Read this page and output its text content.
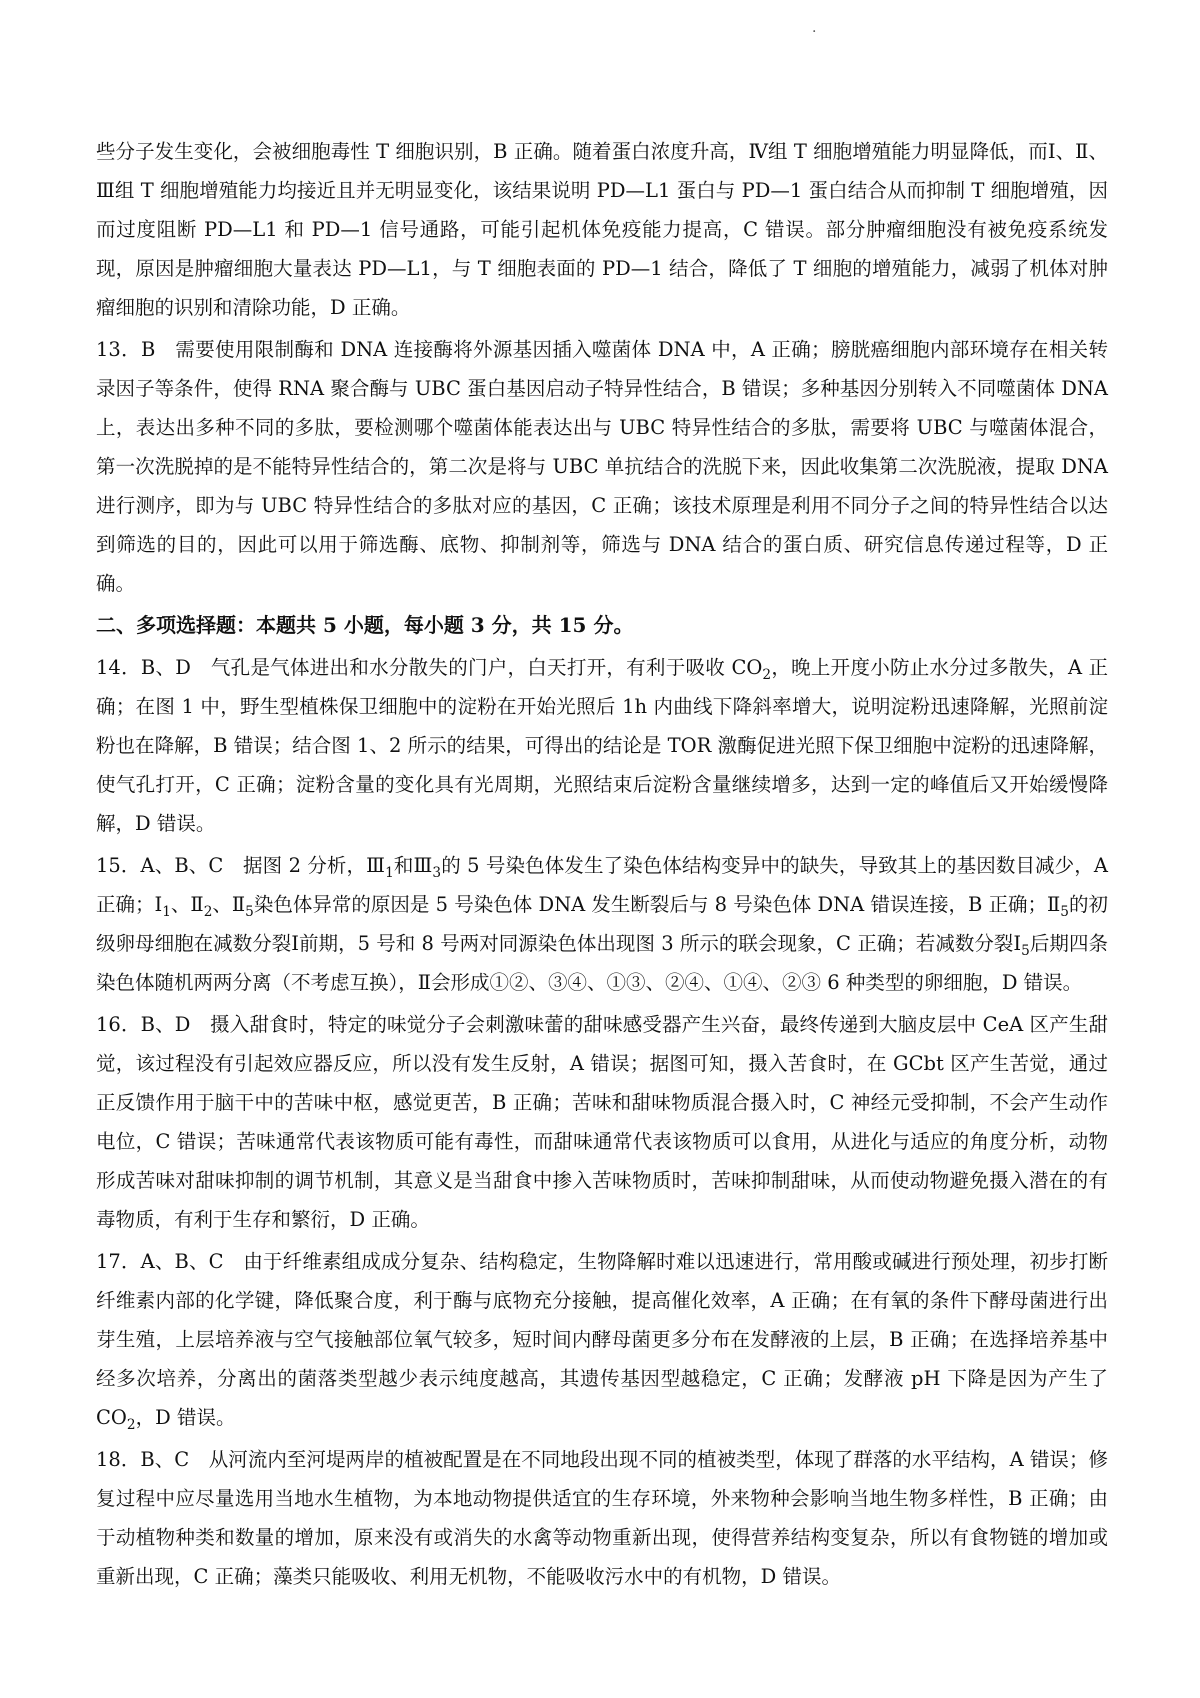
·

些分子发生变化，会被细胞毒性 T 细胞识别，B 正确。随着蛋白浓度升高，Ⅳ组 T 细胞增殖能力明显降低，而Ⅰ、Ⅱ、Ⅲ组 T 细胞增殖能力均接近且并无明显变化，该结果说明 PD—L1 蛋白与 PD—1 蛋白结合从而抑制 T 细胞增殖，因而过度阻断 PD—L1 和 PD—1 信号通路，可能引起机体免疫能力提高，C 错误。部分肿瘤细胞没有被免疫系统发现，原因是肿瘤细胞大量表达 PD—L1，与 T 细胞表面的 PD—1 结合，降低了 T 细胞的增殖能力，减弱了机体对肿瘤细胞的识别和清除功能，D 正确。

13．B　需要使用限制酶和 DNA 连接酶将外源基因插入噬菌体 DNA 中，A 正确；膀胱癌细胞内部环境存在相关转录因子等条件，使得 RNA 聚合酶与 UBC 蛋白基因启动子特异性结合，B 错误；多种基因分别转入不同噬菌体 DNA 上，表达出多种不同的多肽，要检测哪个噬菌体能表达出与 UBC 特异性结合的多肽，需要将 UBC 与噬菌体混合，第一次洗脱掉的是不能特异性结合的，第二次是将与 UBC 单抗结合的洗脱下来，因此收集第二次洗脱液，提取 DNA 进行测序，即为与 UBC 特异性结合的多肽对应的基因，C 正确；该技术原理是利用不同分子之间的特异性结合以达到筛选的目的，因此可以用于筛选酶、底物、抑制剂等，筛选与 DNA 结合的蛋白质、研究信息传递过程等，D 正确。

二、多项选择题：本题共 5 小题，每小题 3 分，共 15 分。

14．B、D　气孔是气体进出和水分散失的门户，白天打开，有利于吸收 $CO_2$，晚上开度小防止水分过多散失，A 正确；在图 1 中，野生型植株保卫细胞中的淀粉在开始光照后 1h 内曲线下降斜率增大，说明淀粉迅速降解，光照前淀粉也在降解，B 错误；结合图 1、2 所示的结果，可得出的结论是 TOR 激酶促进光照下保卫细胞中淀粉的迅速降解，使气孔打开，C 正确；淀粉含量的变化具有光周期，光照结束后淀粉含量继续增多，达到一定的峰值后又开始缓慢降解，D 错误。

15．A、B、C　据图 2 分析，$Ⅲ_1$和$Ⅲ_3$的 5 号染色体发生了染色体结构变异中的缺失，导致其上的基因数目减少，A 正确；$Ⅰ_1$、$Ⅱ_2$、$Ⅱ_5$染色体异常的原因是 5 号染色体 DNA 发生断裂后与 8 号染色体 DNA 错误连接，B 正确；$Ⅱ_5$的初级卵母细胞在减数分裂Ⅰ前期，5 号和 8 号两对同源染色体出现图 3 所示的联会现象，C 正确；若减数分裂$Ⅰ_5$后期四条染色体随机两两分离（不考虑互换），Ⅱ会形成①②、③④、①③、②④、①④、②③ 6 种类型的卵细胞，D 错误。

16．B、D　摄入甜食时，特定的味觉分子会刺激味蕾的甜味感受器产生兴奋，最终传递到大脑皮层中 CeA 区产生甜觉，该过程没有引起效应器反应，所以没有发生反射，A 错误；据图可知，摄入苦食时，在 GCbt 区产生苦觉，通过正反馈作用于脑干中的苦味中枢，感觉更苦，B 正确；苦味和甜味物质混合摄入时，C 神经元受抑制，不会产生动作电位，C 错误；苦味通常代表该物质可能有毒性，而甜味通常代表该物质可以食用，从进化与适应的角度分析，动物形成苦味对甜味抑制的调节机制，其意义是当甜食中掺入苦味物质时，苦味抑制甜味，从而使动物避免摄入潜在的有毒物质，有利于生存和繁衍，D 正确。

17．A、B、C　由于纤维素组成成分复杂、结构稳定，生物降解时难以迅速进行，常用酸或碱进行预处理，初步打断纤维素内部的化学键，降低聚合度，利于酶与底物充分接触，提高催化效率，A 正确；在有氧的条件下酵母菌进行出芽生殖，上层培养液与空气接触部位氧气较多，短时间内酵母菌更多分布在发酵液的上层，B 正确；在选择培养基中经多次培养，分离出的菌落类型越少表示纯度越高，其遗传基因型越稳定，C 正确；发酵液 pH 下降是因为产生了 $CO_2$，D 错误。

18．B、C　从河流内至河堤两岸的植被配置是在不同地段出现不同的植被类型，体现了群落的水平结构，A 错误；修复过程中应尽量选用当地水生植物，为本地动物提供适宜的生存环境，外来物种会影响当地生物多样性，B 正确；由于动植物种类和数量的增加，原来没有或消失的水禽等动物重新出现，使得营养结构变复杂，所以有食物链的增加或重新出现，C 正确；藻类只能吸收、利用无机物，不能吸收污水中的有机物，D 错误。
